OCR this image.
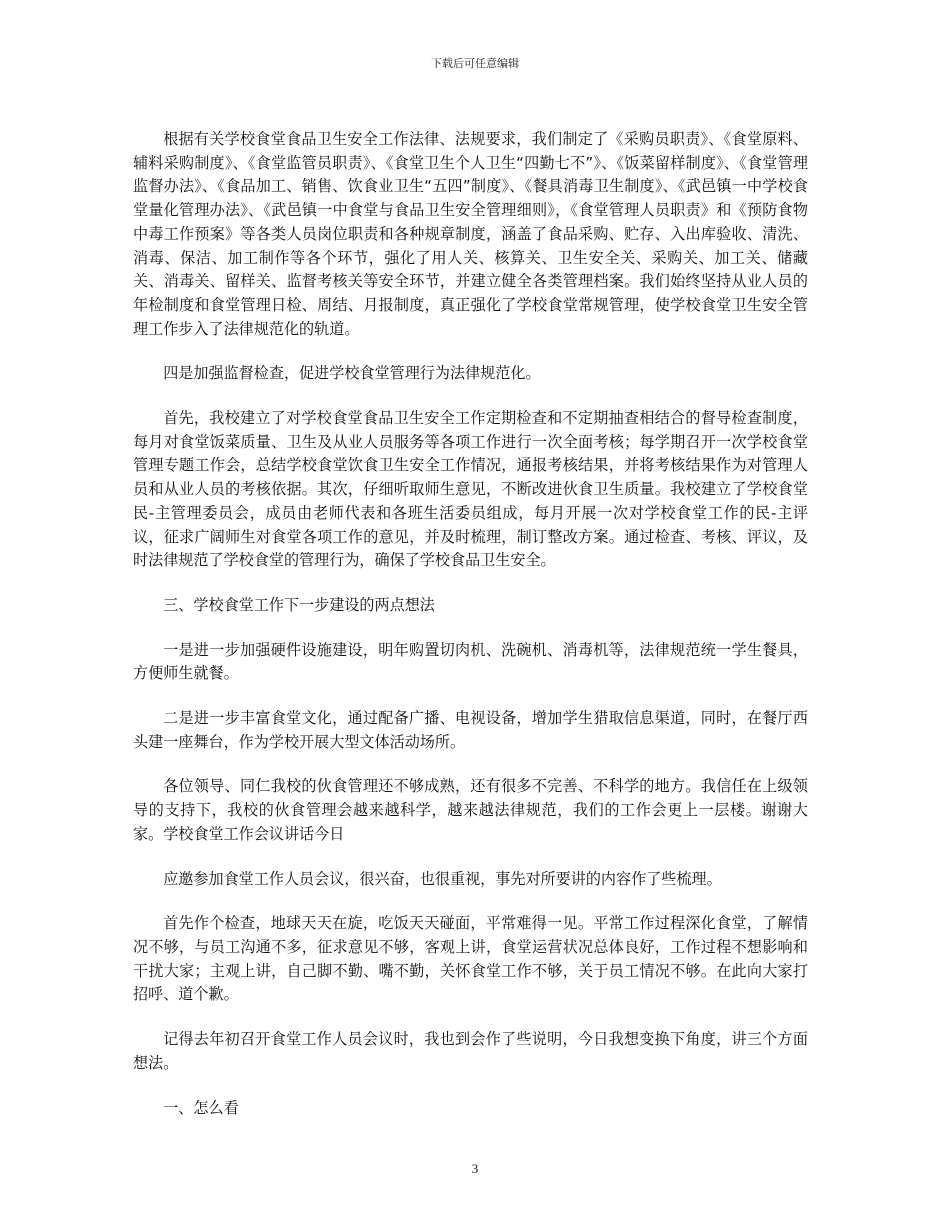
下载后可任意编辑

根据有关学校食堂食品卫生安全工作法律、法规要求，我们制定了《采购员职责》、《食堂原料、辅料采购制度》、《食堂监管员职责》、《食堂卫生个人卫生“四勤七不”》、《饭菜留样制度》、《食堂管理监督办法》、《食品加工、销售、饮食业卫生“五四”制度》、《餐具消毒卫生制度》、《武邑镇一中学校食堂量化管理办法》、《武邑镇一中食堂与食品卫生安全管理细则》，《食堂管理人员职责》和《预防食物中毒工作预案》等各类人员岗位职责和各种规章制度，涵盖了食品采购、贮存、入出库验收、清洗、消毒、保洁、加工制作等各个环节，强化了用人关、核算关、卫生安全关、采购关、加工关、储藏关、消毒关、留样关、监督考核关等安全环节，并建立健全各类管理档案。我们始终坚持从业人员的年检制度和食堂管理日检、周结、月报制度，真正强化了学校食堂常规管理，使学校食堂卫生安全管理工作步入了法律规范化的轨道。

四是加强监督检查，促进学校食堂管理行为法律规范化。

首先，我校建立了对学校食堂食品卫生安全工作定期检查和不定期抽查相结合的督导检查制度，每月对食堂饭菜质量、卫生及从业人员服务等各项工作进行一次全面考核；每学期召开一次学校食堂管理专题工作会，总结学校食堂饮食卫生安全工作情况，通报考核结果，并将考核结果作为对管理人员和从业人员的考核依据。其次，仔细听取师生意见，不断改进伙食卫生质量。我校建立了学校食堂民-主管理委员会，成员由老师代表和各班生活委员组成，每月开展一次对学校食堂工作的民-主评议，征求广阔师生对食堂各项工作的意见，并及时梳理，制订整改方案。通过检查、考核、评议，及时法律规范了学校食堂的管理行为，确保了学校食品卫生安全。

三、学校食堂工作下一步建设的两点想法

一是进一步加强硬件设施建设，明年购置切肉机、洗碗机、消毒机等，法律规范统一学生餐具，方便师生就餐。

二是进一步丰富食堂文化，通过配备广播、电视设备，增加学生猎取信息渠道，同时，在餐厅西头建一座舞台，作为学校开展大型文体活动场所。

各位领导、同仁我校的伙食管理还不够成熟，还有很多不完善、不科学的地方。我信任在上级领导的支持下，我校的伙食管理会越来越科学，越来越法律规范，我们的工作会更上一层楼。谢谢大家。学校食堂工作会议讲话今日

应邀参加食堂工作人员会议，很兴奋，也很重视，事先对所要讲的内容作了些梳理。

首先作个检查，地球天天在旋，吃饭天天碰面，平常难得一见。平常工作过程深化食堂，了解情况不够，与员工沟通不多，征求意见不够，客观上讲，食堂运营状况总体良好，工作过程不想影响和干扰大家；主观上讲，自己脚不勤、嘴不勤，关怀食堂工作不够，关于员工情况不够。在此向大家打招呼、道个歉。

记得去年初召开食堂工作人员会议时，我也到会作了些说明，今日我想变换下角度，讲三个方面想法。

一、怎么看

3
